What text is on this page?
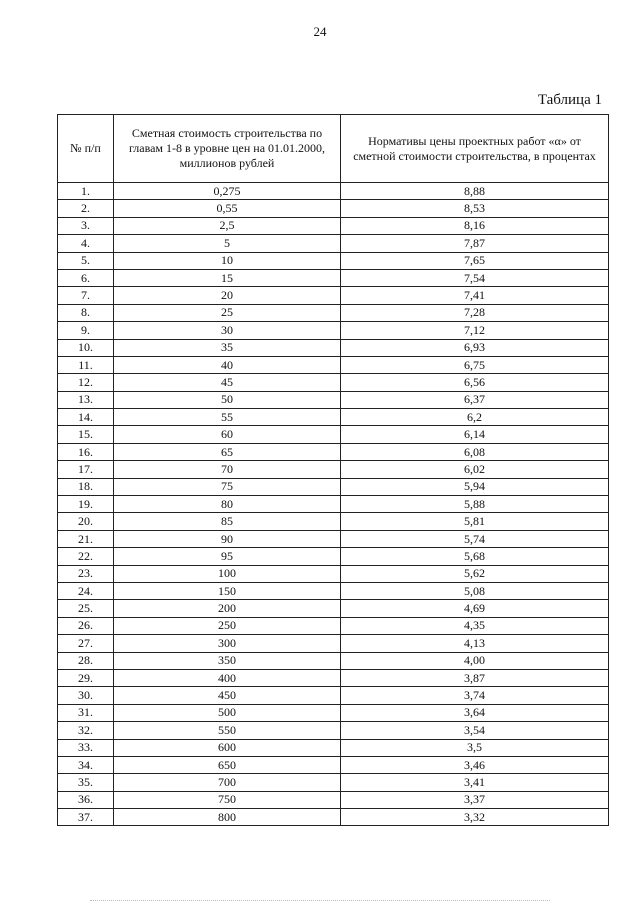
24
Таблица 1
№ п/п	Сметная стоимость строительства по главам 1-8 в уровне цен на 01.01.2000, миллионов рублей	Нормативы цены проектных работ «α» от сметной стоимости строительства, в процентах
1.	0,275	8,88
2.	0,55	8,53
3.	2,5	8,16
4.	5	7,87
5.	10	7,65
6.	15	7,54
7.	20	7,41
8.	25	7,28
9.	30	7,12
10.	35	6,93
11.	40	6,75
12.	45	6,56
13.	50	6,37
14.	55	6,2
15.	60	6,14
16.	65	6,08
17.	70	6,02
18.	75	5,94
19.	80	5,88
20.	85	5,81
21.	90	5,74
22.	95	5,68
23.	100	5,62
24.	150	5,08
25.	200	4,69
26.	250	4,35
27.	300	4,13
28.	350	4,00
29.	400	3,87
30.	450	3,74
31.	500	3,64
32.	550	3,54
33.	600	3,5
34.	650	3,46
35.	700	3,41
36.	750	3,37
37.	800	3,32
